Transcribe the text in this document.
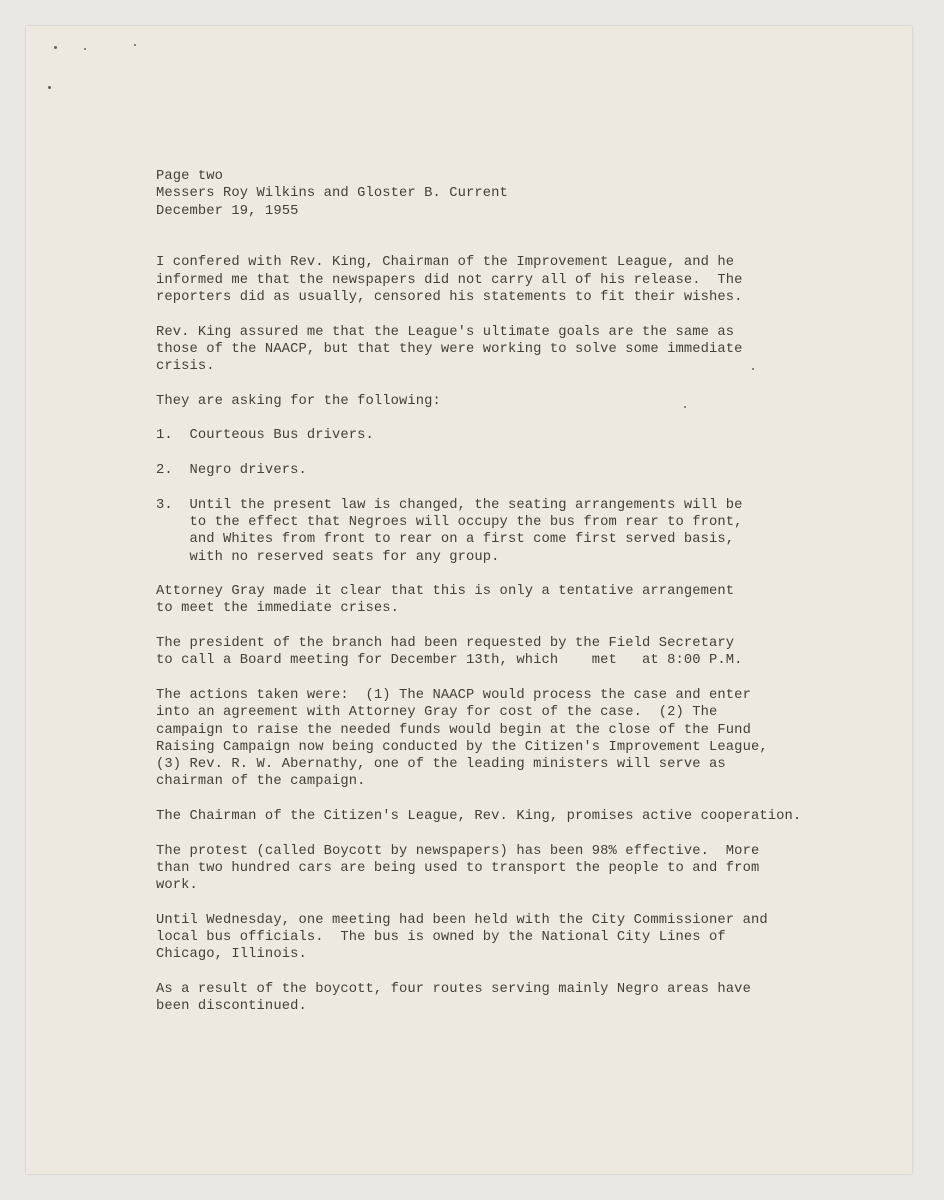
Page two
Messers Roy Wilkins and Gloster B. Current
December 19, 1955
I confered with Rev. King, Chairman of the Improvement League, and he
informed me that the newspapers did not carry all of his release.  The
reporters did as usually, censored his statements to fit their wishes.
Rev. King assured me that the League's ultimate goals are the same as
those of the NAACP, but that they were working to solve some immediate
crisis.
They are asking for the following:
1.  Courteous Bus drivers.
2.  Negro drivers.
3.  Until the present law is changed, the seating arrangements will be
to the effect that Negroes will occupy the bus from rear to front,
and Whites from front to rear on a first come first served basis,
with no reserved seats for any group.
Attorney Gray made it clear that this is only a tentative arrangement
to meet the immediate crises.
The president of the branch had been requested by the Field Secretary
to call a Board meeting for December 13th, which    met   at 8:00 P.M.
The actions taken were:  (1) The NAACP would process the case and enter
into an agreement with Attorney Gray for cost of the case.  (2) The
campaign to raise the needed funds would begin at the close of the Fund
Raising Campaign now being conducted by the Citizen's Improvement League,
(3) Rev. R. W. Abernathy, one of the leading ministers will serve as
chairman of the campaign.
The Chairman of the Citizen's League, Rev. King, promises active cooperation.
The protest (called Boycott by newspapers) has been 98% effective.  More
than two hundred cars are being used to transport the people to and from
work.
Until Wednesday, one meeting had been held with the City Commissioner and
local bus officials.  The bus is owned by the National City Lines of
Chicago, Illinois.
As a result of the boycott, four routes serving mainly Negro areas have
been discontinued.
